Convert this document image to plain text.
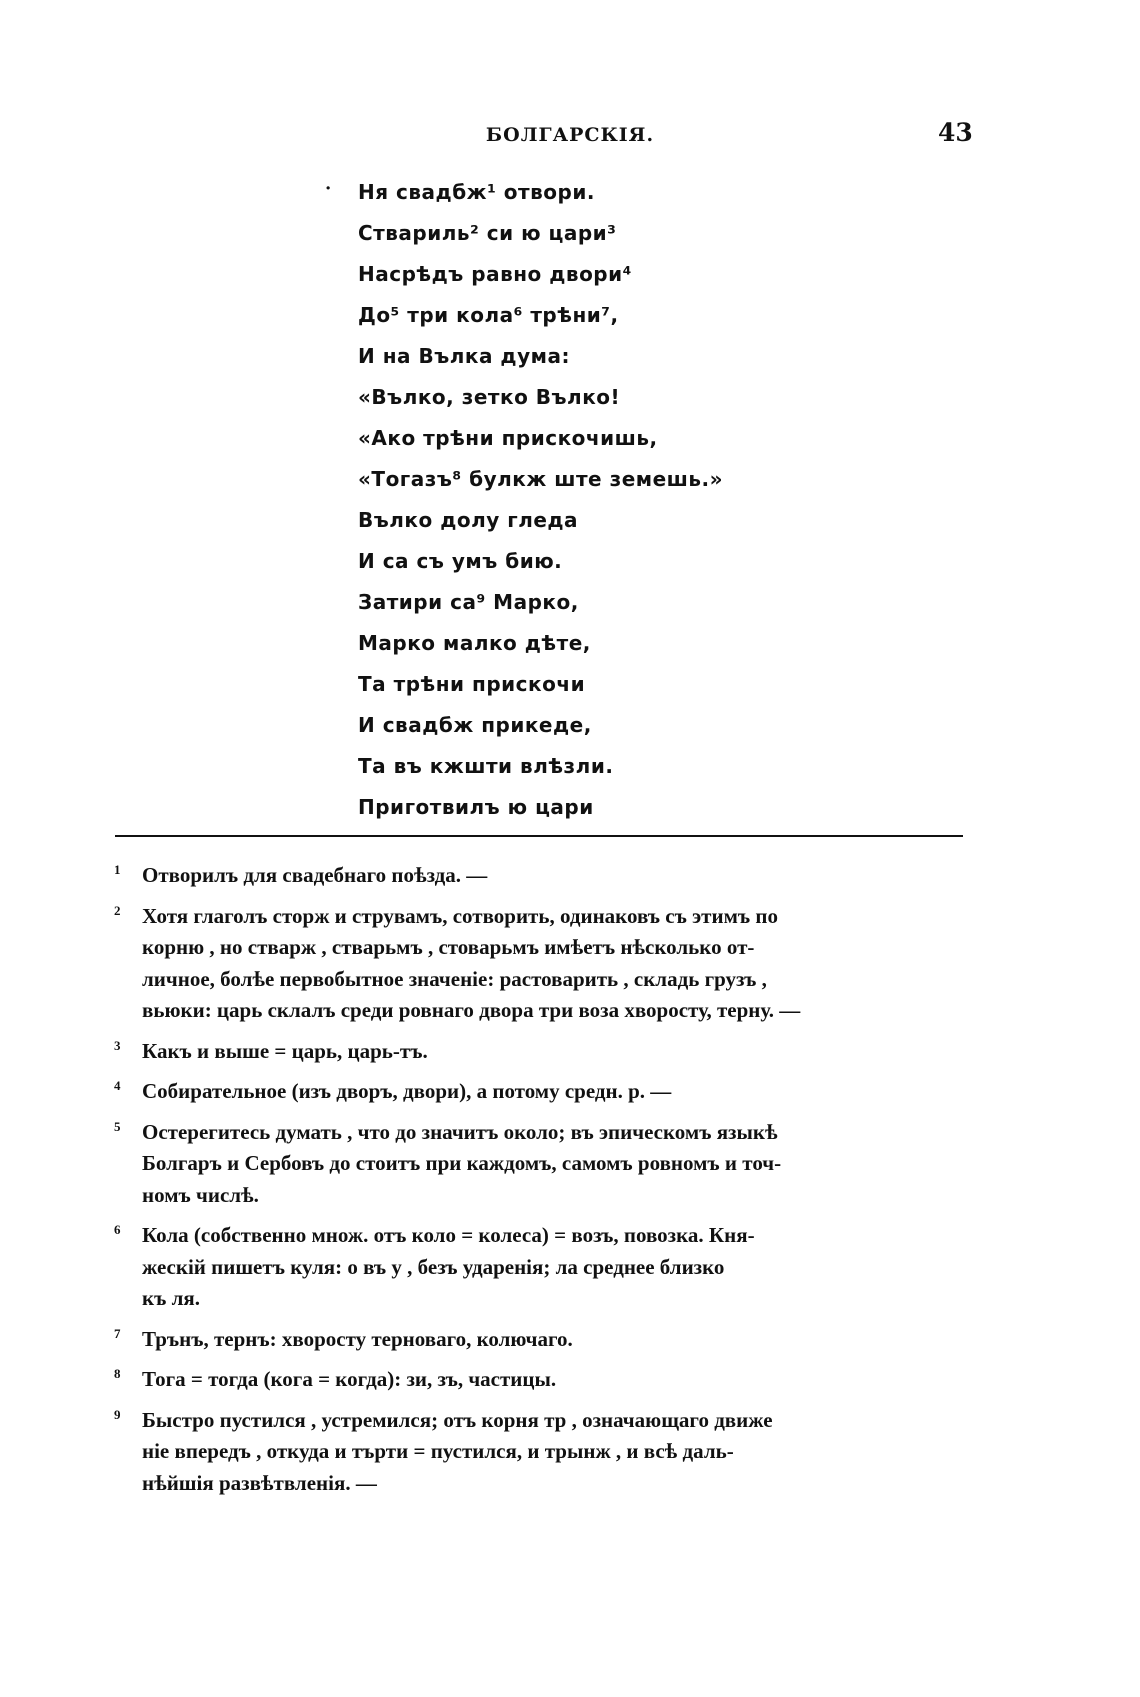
БОЛГАРСКІЯ.	43
· Ня свадбж¹ отвори.
Ствариль² си ю цари³
Насрѣдъ равно двори⁴
До⁵ три кола⁶ трѣни⁷,
И на Вълка дума:
«Вълко, зетко Вълко!
«Ако трѣни прискочишь,
«Тогазъ⁸ булкж ште земешь.»
Вълко долу гледа
И са съ умъ бию.
Затири са⁹ Марко,
Марко малко дѣте,
Та трѣни прискочи
И свадбж прикеде,
Та въ кжшти влѣзли.
Приготвилъ ю цари
1	Отворилъ для свадебнаго поѣзда. —
2	Хотя глаголъ сторж и струвамъ, сотворить, одинаковъ съ этимъ по
корню , но стварж , стварьмъ , стоварьмъ имѣетъ нѣсколько от-
личное, болѣе первобытное значеніе: растоварить , складь грузъ ,
вьюки: царь склалъ среди ровнаго двора три воза хворосту, терну. —
3	Какъ и выше = царь, царь-тъ.
4	Собирательное (изъ дворъ, двори), а потому средн. р. —
5	Остерегитесь думать , что до значитъ около; въ эпическомъ языкѣ
Болгаръ и Сербовъ до стоитъ при каждомъ, самомъ ровномъ и точ-
номъ числѣ.
6	Кола (собственно множ. отъ коло = колеса) = возъ, повозка. Кня-
жескій пишетъ куля: о въ у , безъ ударенія; ла среднее близко
къ ля.
7	Трънъ, тернъ: хворосту терноваго, колючаго.
8	Тога = тогда (кога = когда): зи, зъ, частицы.
9	Быстро пустился , устремился; отъ корня тр , означающаго движе
ніе впередъ , откуда и търти = пустился, и трынж , и всѣ даль-
нѣйшія развѣтвленія. —
